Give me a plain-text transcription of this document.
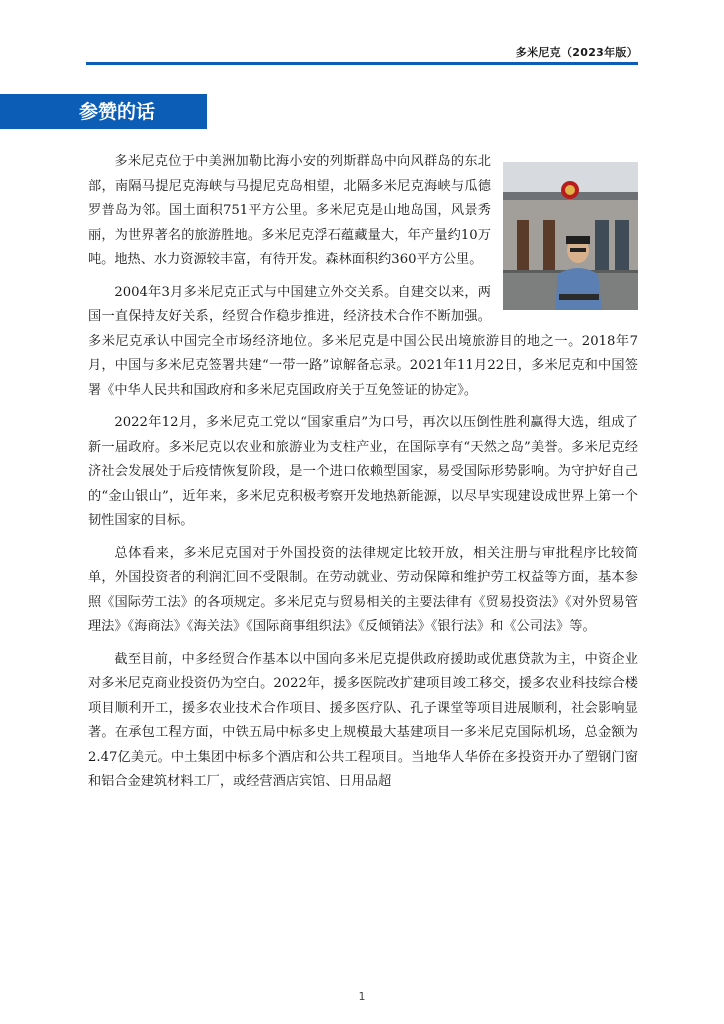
多米尼克（2023年版）
参赞的话

多米尼克位于中美洲加勒比海小安的列斯群岛中向风群岛的东北部，南隔马提尼克海峡与马提尼克岛相望，北隔多米尼克海峡与瓜德罗普岛为邻。国土面积751平方公里。多米尼克是山地岛国，风景秀丽，为世界著名的旅游胜地。多米尼克浮石蕴藏量大，年产量约10万吨。地热、水力资源较丰富，有待开发。森林面积约360平方公里。

2004年3月多米尼克正式与中国建立外交关系。自建交以来，两国一直保持友好关系，经贸合作稳步推进，经济技术合作不断加强。多米尼克承认中国完全市场经济地位。多米尼克是中国公民出境旅游目的地之一。2018年7月，中国与多米尼克签署共建“一带一路”谅解备忘录。2021年11月22日，多米尼克和中国签署《中华人民共和国政府和多米尼克国政府关于互免签证的协定》。

2022年12月，多米尼克工党以“国家重启”为口号，再次以压倒性胜利赢得大选，组成了新一届政府。多米尼克以农业和旅游业为支柱产业，在国际享有“天然之岛”美誉。多米尼克经济社会发展处于后疫情恢复阶段，是一个进口依赖型国家，易受国际形势影响。为守护好自己的“金山银山”，近年来，多米尼克积极考察开发地热新能源，以尽早实现建设成世界上第一个韧性国家的目标。

总体看来，多米尼克国对于外国投资的法律规定比较开放，相关注册与审批程序比较简单，外国投资者的利润汇回不受限制。在劳动就业、劳动保障和维护劳工权益等方面，基本参照《国际劳工法》的各项规定。多米尼克与贸易相关的主要法律有《贸易投资法》《对外贸易管理法》《海商法》《海关法》《国际商事组织法》《反倾销法》《银行法》和《公司法》等。

截至目前，中多经贸合作基本以中国向多米尼克提供政府援助或优惠贷款为主，中资企业对多米尼克商业投资仍为空白。2022年，援多医院改扩建项目竣工移交，援多农业科技综合楼项目顺利开工，援多农业技术合作项目、援多医疗队、孔子课堂等项目进展顺利，社会影响显著。在承包工程方面，中铁五局中标多史上规模最大基建项目一多米尼克国际机场，总金额为2.47亿美元。中土集团中标多个酒店和公共工程项目。当地华人华侨在多投资开办了塑钢门窗和铝合金建筑材料工厂，或经营酒店宾馆、日用品超

1
